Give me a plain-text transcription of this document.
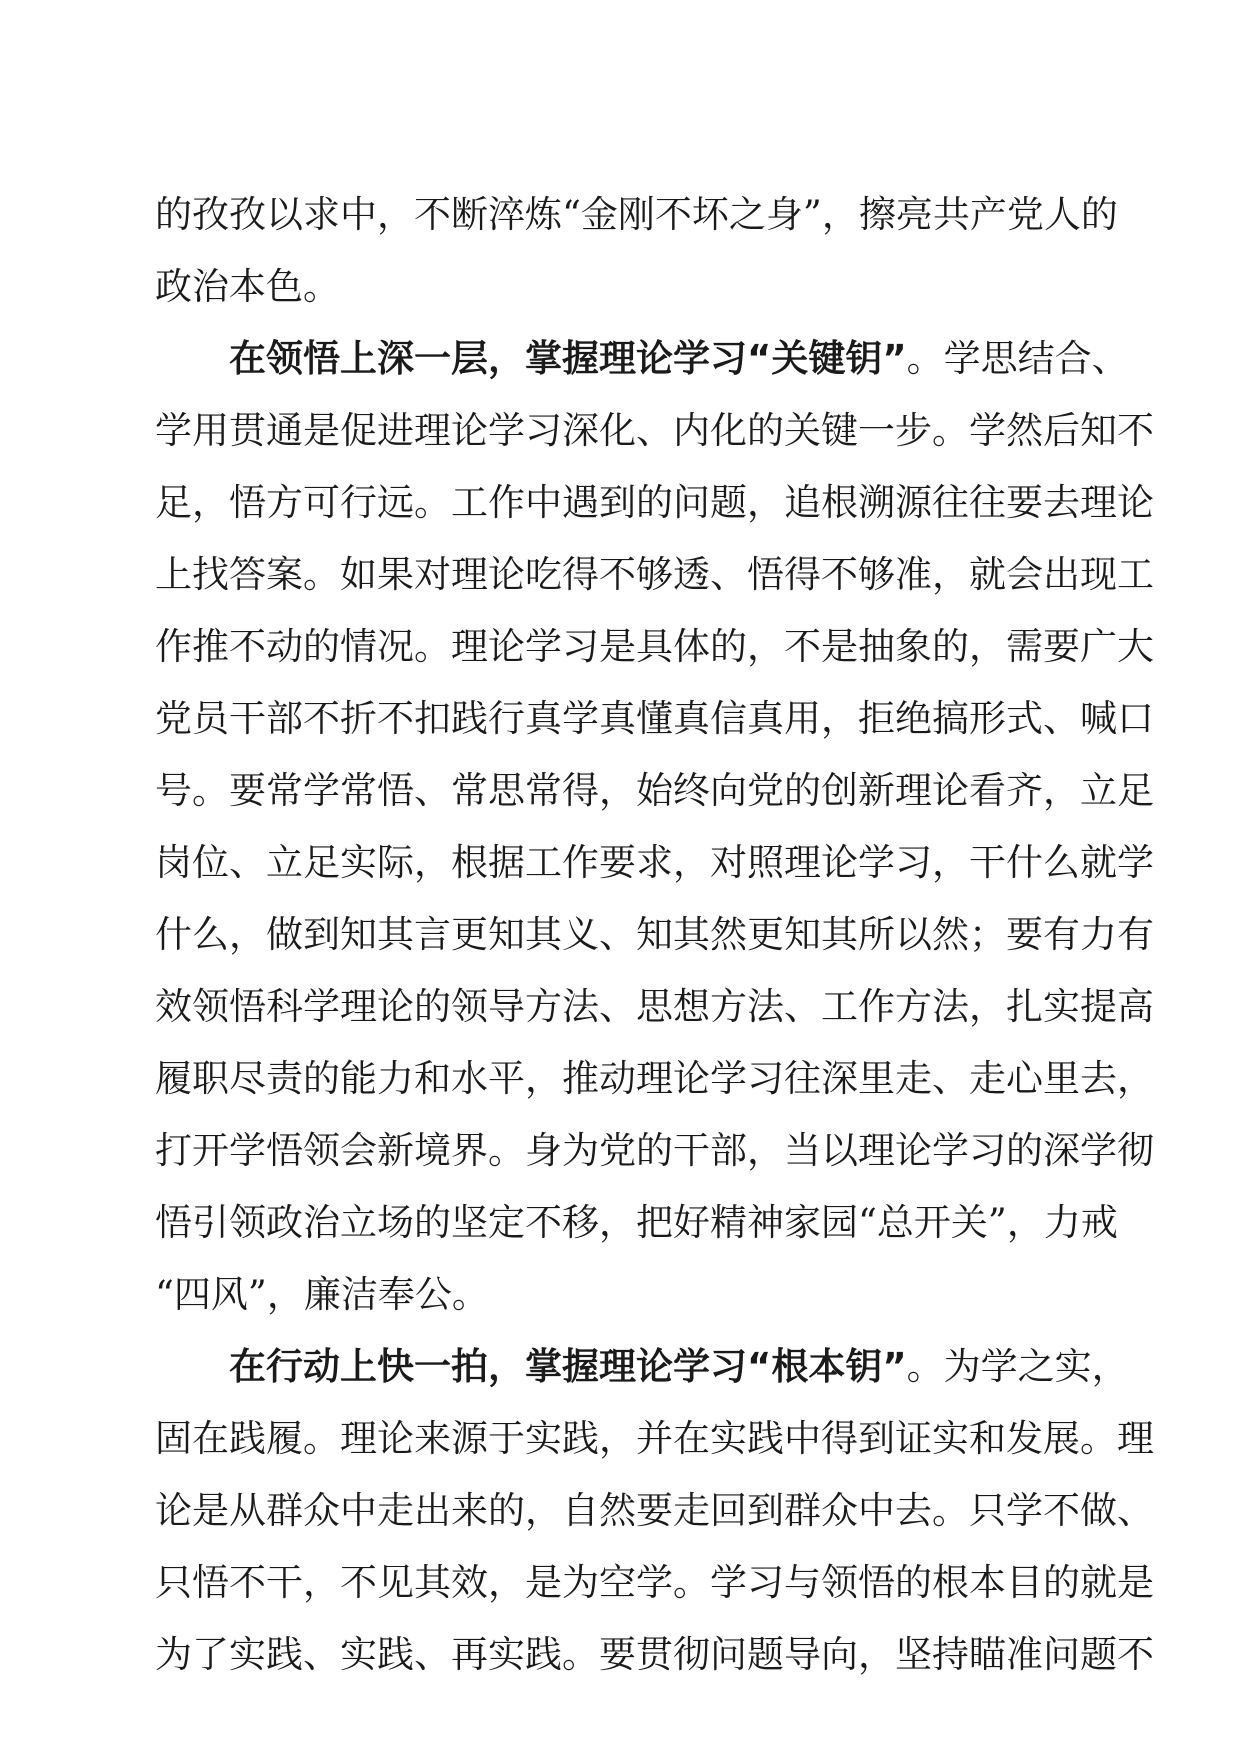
的孜孜以求中，不断淬炼“金刚不坏之身”，擦亮共产党人的
政治本色。
在领悟上深一层，掌握理论学习“关键钥”。学思结合、
学用贯通是促进理论学习深化、内化的关键一步。学然后知不
足，悟方可行远。工作中遇到的问题，追根溯源往往要去理论
上找答案。如果对理论吃得不够透、悟得不够准，就会出现工
作推不动的情况。理论学习是具体的，不是抽象的，需要广大
党员干部不折不扣践行真学真懂真信真用，拒绝搞形式、喊口
号。要常学常悟、常思常得，始终向党的创新理论看齐，立足
岗位、立足实际，根据工作要求，对照理论学习，干什么就学
什么，做到知其言更知其义、知其然更知其所以然；要有力有
效领悟科学理论的领导方法、思想方法、工作方法，扎实提高
履职尽责的能力和水平，推动理论学习往深里走、走心里去，
打开学悟领会新境界。身为党的干部，当以理论学习的深学彻
悟引领政治立场的坚定不移，把好精神家园“总开关”，力戒
“四风”，廉洁奉公。
在行动上快一拍，掌握理论学习“根本钥”。为学之实，
固在践履。理论来源于实践，并在实践中得到证实和发展。理
论是从群众中走出来的，自然要走回到群众中去。只学不做、
只悟不干，不见其效，是为空学。学习与领悟的根本目的就是
为了实践、实践、再实践。要贯彻问题导向，坚持瞄准问题不
